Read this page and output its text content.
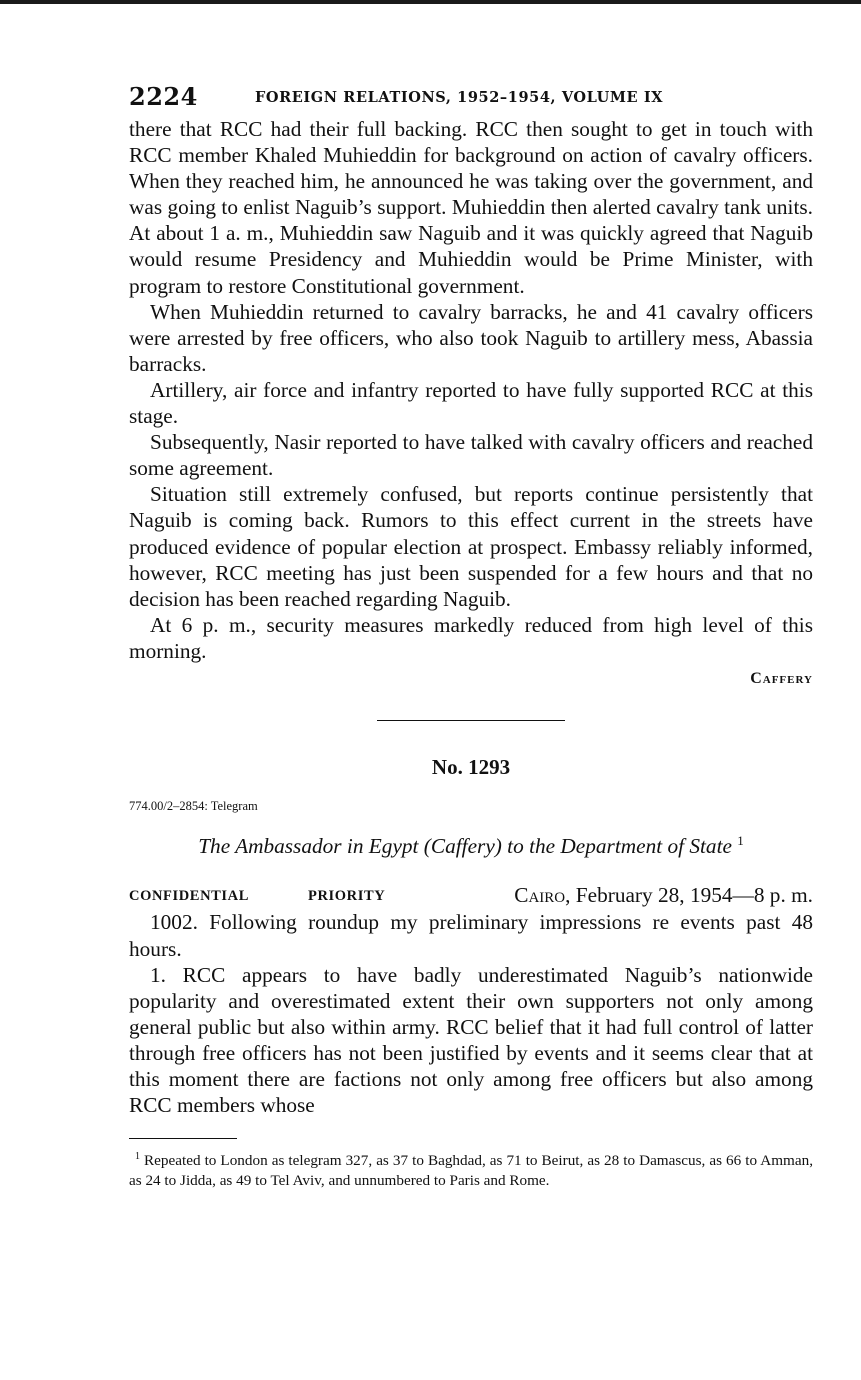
2224	FOREIGN RELATIONS, 1952–1954, VOLUME IX

there that RCC had their full backing. RCC then sought to get in touch with RCC member Khaled Muhieddin for background on action of cavalry officers. When they reached him, he announced he was taking over the government, and was going to enlist Naguib’s support. Muhieddin then alerted cavalry tank units. At about 1 a. m., Muhieddin saw Naguib and it was quickly agreed that Naguib would resume Presidency and Muhieddin would be Prime Minister, with program to restore Constitutional government.

When Muhieddin returned to cavalry barracks, he and 41 cavalry officers were arrested by free officers, who also took Naguib to artillery mess, Abassia barracks.

Artillery, air force and infantry reported to have fully supported RCC at this stage.

Subsequently, Nasir reported to have talked with cavalry officers and reached some agreement.

Situation still extremely confused, but reports continue persistently that Naguib is coming back. Rumors to this effect current in the streets have produced evidence of popular election at prospect. Embassy reliably informed, however, RCC meeting has just been suspended for a few hours and that no decision has been reached regarding Naguib.

At 6 p. m., security measures markedly reduced from high level of this morning.

Caffery
No. 1293
774.00/2–2854: Telegram
The Ambassador in Egypt (Caffery) to the Department of State $^1$
CONFIDENTIAL	PRIORITY	Cairo, February 28, 1954—8 p. m.

1002. Following roundup my preliminary impressions re events past 48 hours.

1. RCC appears to have badly underestimated Naguib’s nationwide popularity and overestimated extent their own supporters not only among general public but also within army. RCC belief that it had full control of latter through free officers has not been justified by events and it seems clear that at this moment there are factions not only among free officers but also among RCC members whose

$^1$ Repeated to London as telegram 327, as 37 to Baghdad, as 71 to Beirut, as 28 to Damascus, as 66 to Amman, as 24 to Jidda, as 49 to Tel Aviv, and unnumbered to Paris and Rome.
